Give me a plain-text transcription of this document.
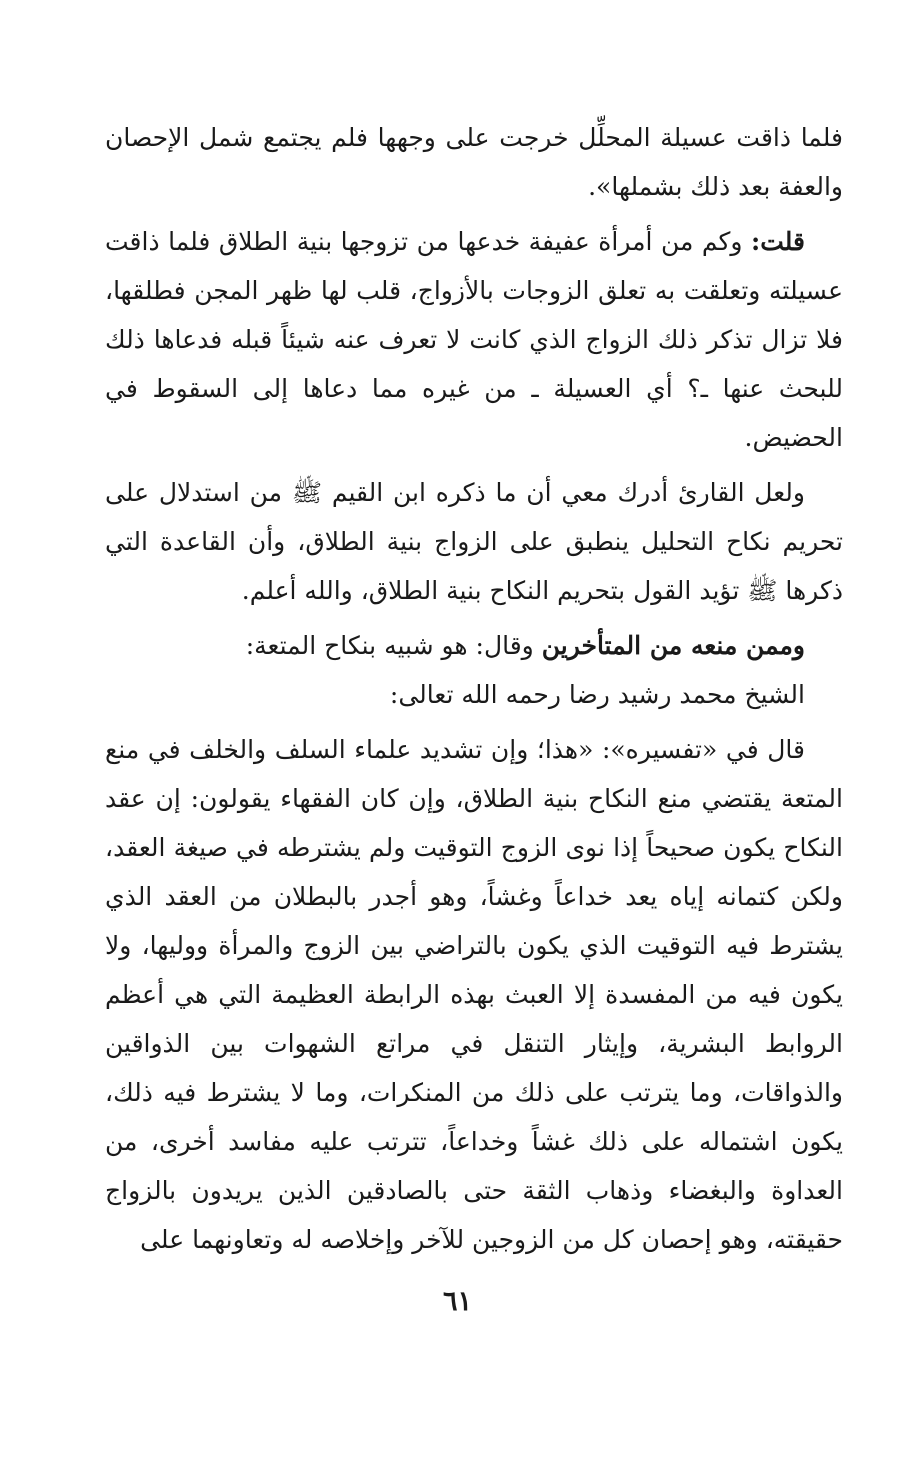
فلما ذاقت عسيلة المحلِّل خرجت على وجهها فلم يجتمع شمل الإحصان والعفة بعد ذلك بشملها».

قلت: وكم من أمرأة عفيفة خدعها من تزوجها بنية الطلاق فلما ذاقت عسيلته وتعلقت به تعلق الزوجات بالأزواج، قلب لها ظهر المجن فطلقها، فلا تزال تذكر ذلك الزواج الذي كانت لا تعرف عنه شيئاً قبله فدعاها ذلك للبحث عنها ـ؟ أي العسيلة ـ من غيره مما دعاها إلى السقوط في الحضيض.

ولعل القارئ أدرك معي أن ما ذكره ابن القيم ﷺ من استدلال على تحريم نكاح التحليل ينطبق على الزواج بنية الطلاق، وأن القاعدة التي ذكرها ﷺ تؤيد القول بتحريم النكاح بنية الطلاق، والله أعلم.

وممن منعه من المتأخرين وقال: هو شبيه بنكاح المتعة:

الشيخ محمد رشيد رضا رحمه الله تعالى:

قال في «تفسيره»: «هذا؛ وإن تشديد علماء السلف والخلف في منع المتعة يقتضي منع النكاح بنية الطلاق، وإن كان الفقهاء يقولون: إن عقد النكاح يكون صحيحاً إذا نوى الزوج التوقيت ولم يشترطه في صيغة العقد، ولكن كتمانه إياه يعد خداعاً وغشاً، وهو أجدر بالبطلان من العقد الذي يشترط فيه التوقيت الذي يكون بالتراضي بين الزوج والمرأة ووليها، ولا يكون فيه من المفسدة إلا العبث بهذه الرابطة العظيمة التي هي أعظم الروابط البشرية، وإيثار التنقل في مراتع الشهوات بين الذواقين والذواقات، وما يترتب على ذلك من المنكرات، وما لا يشترط فيه ذلك، يكون اشتماله على ذلك غشاً وخداعاً، تترتب عليه مفاسد أخرى، من العداوة والبغضاء وذهاب الثقة حتى بالصادقين الذين يريدون بالزواج حقيقته، وهو إحصان كل من الزوجين للآخر وإخلاصه له وتعاونهما على

٦١
